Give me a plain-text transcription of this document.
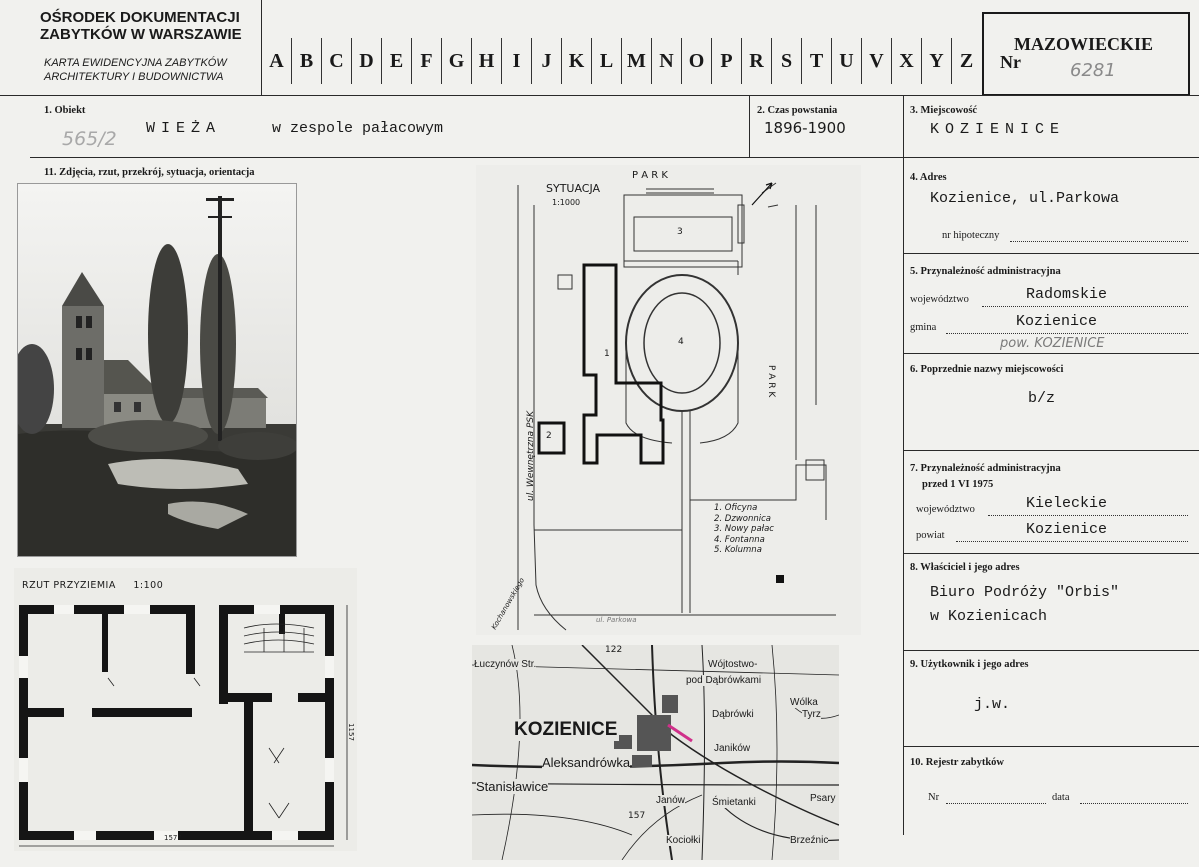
OŚRODEK DOKUMENTACJI
ZABYTKÓW W WARSZAWIE
KARTA EWIDENCYJNA ZABYTKÓW
ARCHITEKTURY I BUDOWNICTWA
A B C D E F G H I	J K L M N O P R S T U V X Y Z
MAZOWIECKIE
Nr	6281
1. Obiekt
565/2 WIEŻA	w zespole pałacowym
2. Czas powstania
1896-1900
3. Miejscowość
KOZIENICE
11. Zdjęcia, rzut, przekrój, sytuacja, orientacja	4. Adres
Kozienice, ul.Parkowa
nr hipoteczny
5. Przynależność administracyjna
województwo	Radomskie
gmina	Kozienice
pow. KOZIENICE
6. Poprzednie nazwy miejscowości
b/z
7. Przynależność administracyjna
przed 1 VI 1975
województwo	Kieleckie
powiat	Kozienice
8. Właściciel i jego adres
Biuro Podróży "Orbis"
w Kozienicach
9. Użytkownik i jego adres
j.w.
10. Rejestr zabytków
Nr	data
RZUT PRZYZIEMIA 1:100
1577
1157
SYTUACJA
1:1000
P A R K
P A R K
ul. Wewnętrzna PSK
Kochanowskiego	ul. Parkowa
1
2
3
4
1. Oficyna
2. Dzwonnica
3. Nowy pałac
4. Fontanna
5. Kolumna
KOZIENICE
Łuczynów Str.	Wójtostwo-
pod Dąbrówkami
Dąbrówki
Wólka
Tyrz
Janików
Aleksandrówka
Stanisławice
Janów	Śmietanki	Psary
Kociołki	Brzeźnic
122
157
